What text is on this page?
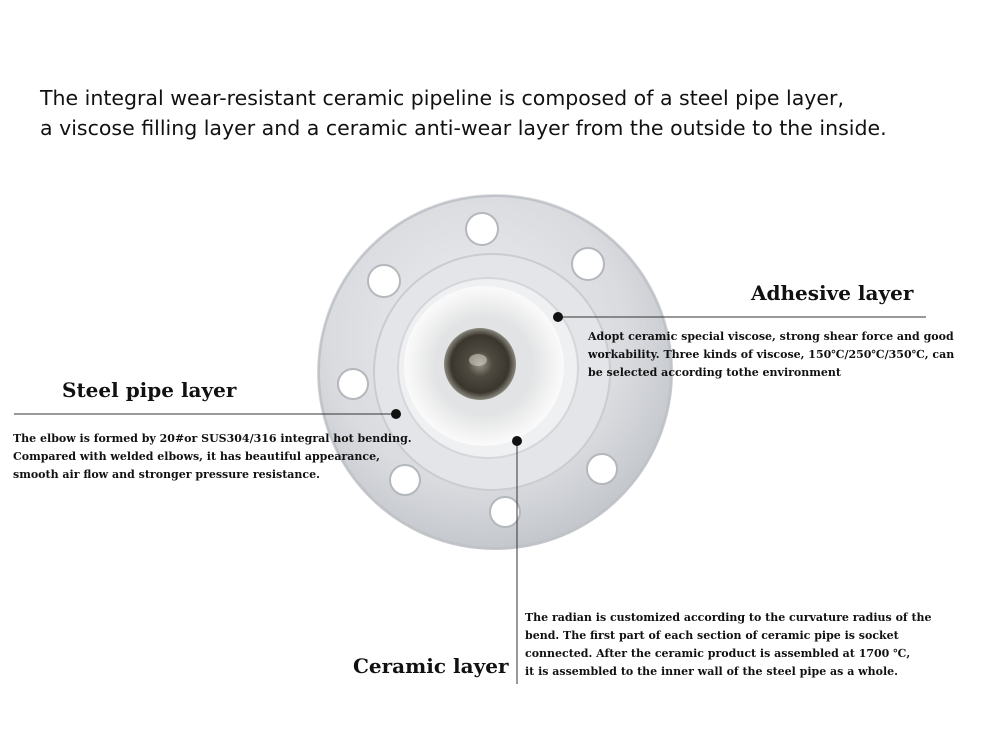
The integral wear-resistant ceramic pipeline is composed of a steel pipe layer,
a viscose filling layer and a ceramic anti-wear layer from the outside to the inside.
Adhesive layer
Adopt ceramic special viscose, strong shear force and good
workability. Three kinds of viscose, 150℃/250℃/350℃, can
be selected according tothe environment
Steel pipe layer
The elbow is formed by 20#or SUS304/316 integral hot bending.
Compared with welded elbows, it has beautiful appearance,
smooth air flow and stronger pressure resistance.
Ceramic layer
The radian is customized according to the curvature radius of the
bend. The first part of each section of ceramic pipe is socket
connected. After the ceramic product is assembled at 1700 ℃,
it is assembled to the inner wall of the steel pipe as a whole.
